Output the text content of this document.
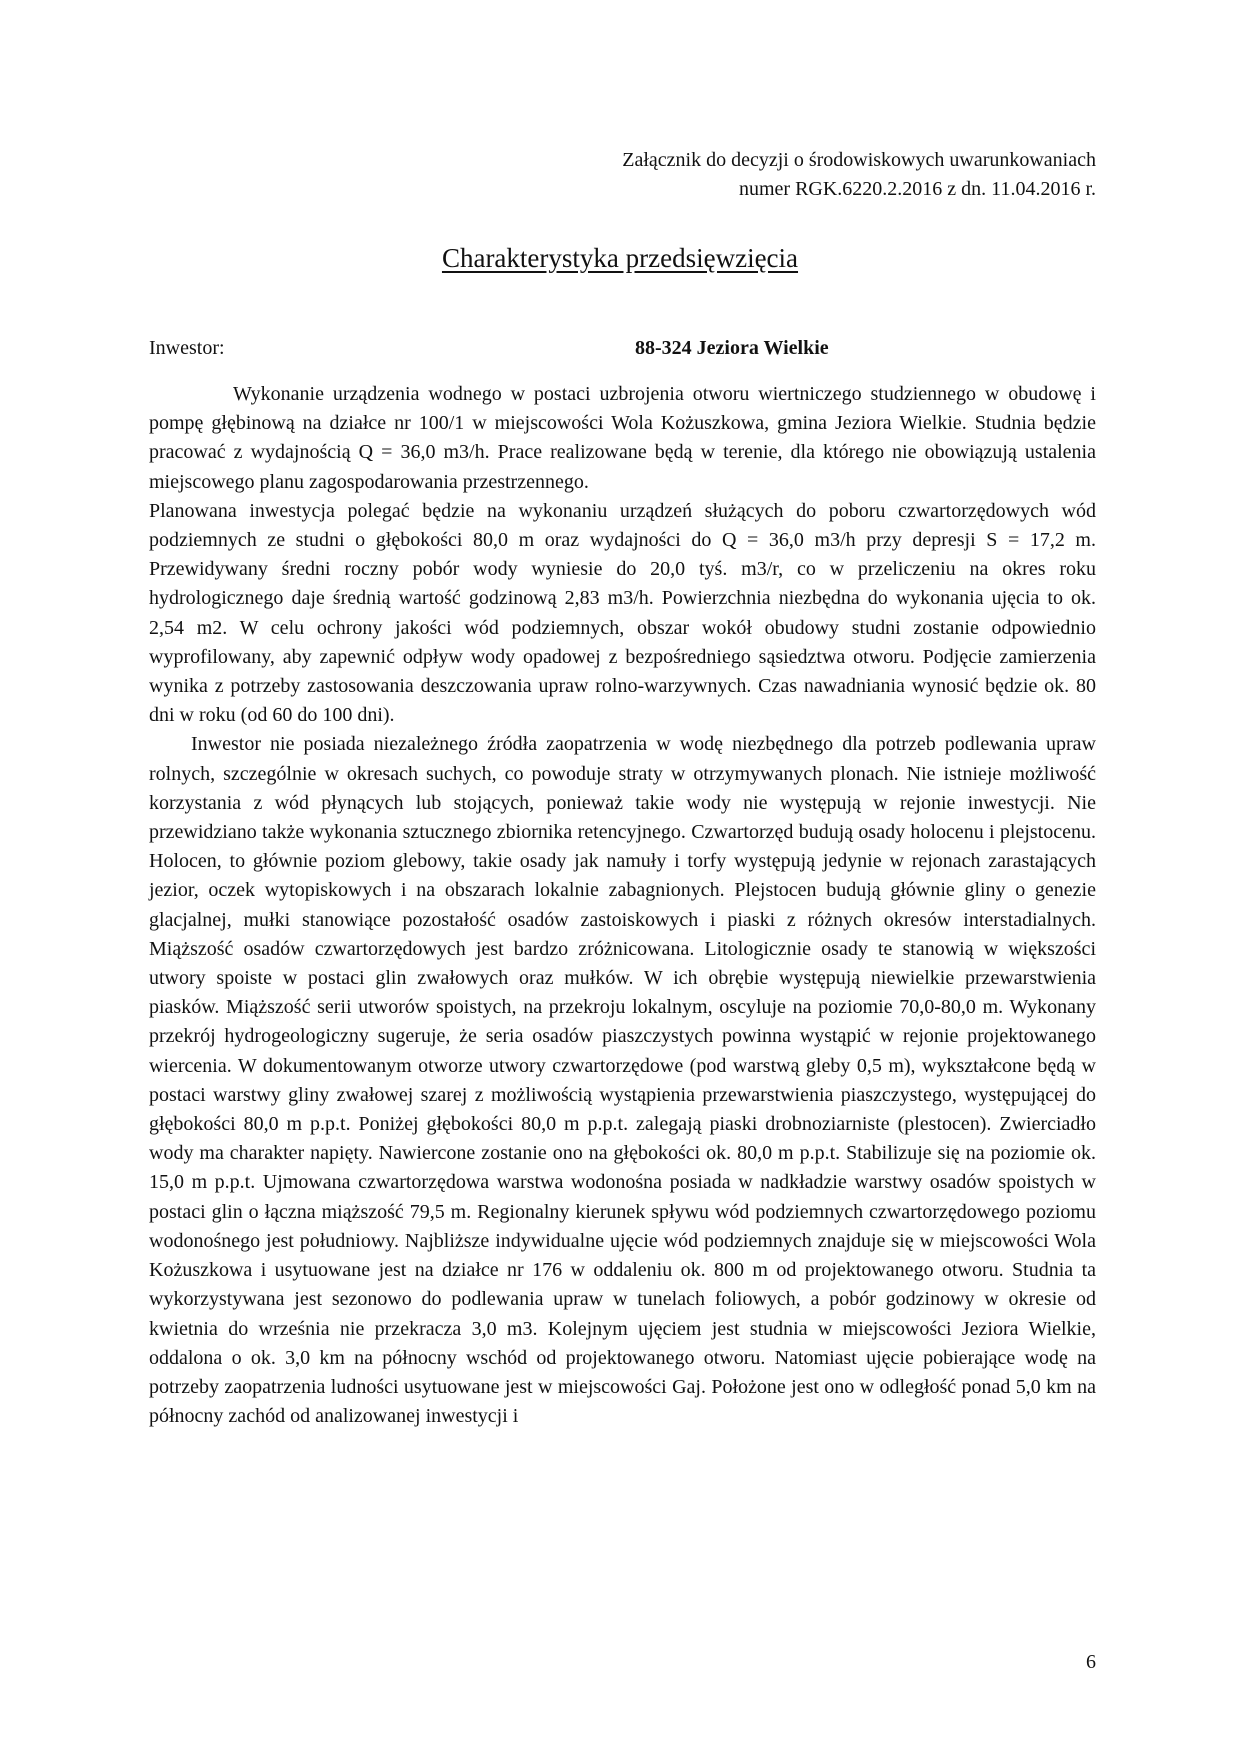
Załącznik do decyzji o środowiskowych uwarunkowaniach
numer RGK.6220.2.2016 z dn. 11.04.2016 r.
Charakterystyka przedsięwzięcia
Inwestor:	88-324 Jeziora Wielkie

Wykonanie urządzenia wodnego w postaci uzbrojenia otworu wiertniczego studziennego w obudowę i pompę głębinową na działce nr 100/1 w miejscowości Wola Kożuszkowa, gmina Jeziora Wielkie. Studnia będzie pracować z wydajnością Q = 36,0 m3/h. Prace realizowane będą w terenie, dla którego nie obowiązują ustalenia miejscowego planu zagospodarowania przestrzennego.

Planowana inwestycja polegać będzie na wykonaniu urządzeń służących do poboru czwartorzędowych wód podziemnych ze studni o głębokości 80,0 m oraz wydajności do Q = 36,0 m3/h przy depresji S = 17,2 m. Przewidywany średni roczny pobór wody wyniesie do 20,0 tyś. m3/r, co w przeliczeniu na okres roku hydrologicznego daje średnią wartość godzinową 2,83 m3/h. Powierzchnia niezbędna do wykonania ujęcia to ok. 2,54 m2. W celu ochrony jakości wód podziemnych, obszar wokół obudowy studni zostanie odpowiednio wyprofilowany, aby zapewnić odpływ wody opadowej z bezpośredniego sąsiedztwa otworu. Podjęcie zamierzenia wynika z potrzeby zastosowania deszczowania upraw rolno-warzywnych. Czas nawadniania wynosić będzie ok. 80 dni w roku (od 60 do 100 dni).

Inwestor nie posiada niezależnego źródła zaopatrzenia w wodę niezbędnego dla potrzeb podlewania upraw rolnych, szczególnie w okresach suchych, co powoduje straty w otrzymywanych plonach. Nie istnieje możliwość korzystania z wód płynących lub stojących, ponieważ takie wody nie występują w rejonie inwestycji. Nie przewidziano także wykonania sztucznego zbiornika retencyjnego. Czwartorzęd budują osady holocenu i plejstocenu. Holocen, to głównie poziom glebowy, takie osady jak namuły i torfy występują jedynie w rejonach zarastających jezior, oczek wytopiskowych i na obszarach lokalnie zabagnionych. Plejstocen budują głównie gliny o genezie glacjalnej, mułki stanowiące pozostałość osadów zastoiskowych i piaski z różnych okresów interstadialnych. Miąższość osadów czwartorzędowych jest bardzo zróżnicowana. Litologicznie osady te stanowią w większości utwory spoiste w postaci glin zwałowych oraz mułków. W ich obrębie występują niewielkie przewarstwienia piasków. Miąższość serii utworów spoistych, na przekroju lokalnym, oscyluje na poziomie 70,0-80,0 m. Wykonany przekrój hydrogeologiczny sugeruje, że seria osadów piaszczystych powinna wystąpić w rejonie projektowanego wiercenia. W dokumentowanym otworze utwory czwartorzędowe (pod warstwą gleby 0,5 m), wykształcone będą w postaci warstwy gliny zwałowej szarej z możliwością wystąpienia przewarstwienia piaszczystego, występującej do głębokości 80,0 m p.p.t. Poniżej głębokości 80,0 m p.p.t. zalegają piaski drobnoziarniste (plestocen). Zwierciadło wody ma charakter napięty. Nawiercone zostanie ono na głębokości ok. 80,0 m p.p.t. Stabilizuje się na poziomie ok. 15,0 m p.p.t. Ujmowana czwartorzędowa warstwa wodonośna posiada w nadkładzie warstwy osadów spoistych w postaci glin o łączna miąższość 79,5 m. Regionalny kierunek spływu wód podziemnych czwartorzędowego poziomu wodonośnego jest południowy. Najbliższe indywidualne ujęcie wód podziemnych znajduje się w miejscowości Wola Kożuszkowa i usytuowane jest na działce nr 176 w oddaleniu ok. 800 m od projektowanego otworu. Studnia ta wykorzystywana jest sezonowo do podlewania upraw w tunelach foliowych, a pobór godzinowy w okresie od kwietnia do września nie przekracza 3,0 m3. Kolejnym ujęciem jest studnia w miejscowości Jeziora Wielkie, oddalona o ok. 3,0 km na północny wschód od projektowanego otworu. Natomiast ujęcie pobierające wodę na potrzeby zaopatrzenia ludności usytuowane jest w miejscowości Gaj. Położone jest ono w odległość ponad 5,0 km na północny zachód od analizowanej inwestycji i

6
